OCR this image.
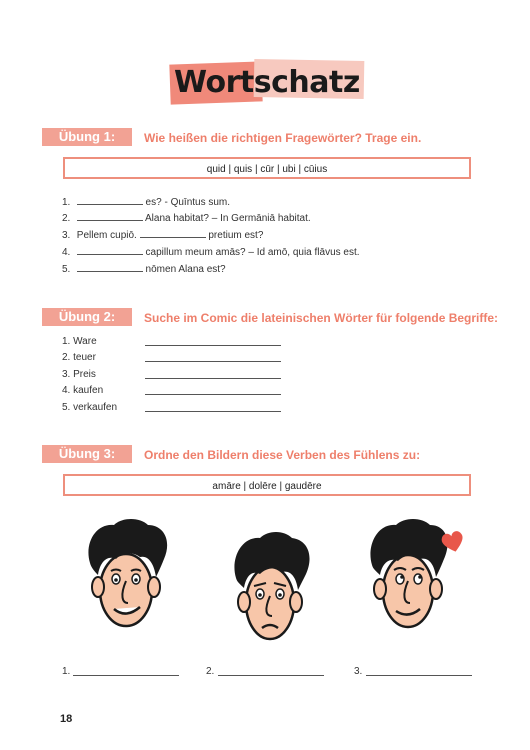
Wortschatz
Übung 1:	Wie heißen die richtigen Fragewörter? Trage ein.
quid | quis | cūr | ubi | cūius
1.	es? - Quīntus sum.
2.	Alana habitat? – In Germāniā habitat.
3. Pellem cupiō.	pretium est?
4.	capillum meum amās? – Id amō, quia flāvus est.
5.	nōmen Alana est?
Übung 2:	Suche im Comic die lateinischen Wörter für folgende Begriffe:
1. Ware
2. teuer
3. Preis
4. kaufen
5. verkaufen
Übung 3:	Ordne den Bildern diese Verben des Fühlens zu:
amāre | dolēre | gaudēre
1.	2.	3.
18
